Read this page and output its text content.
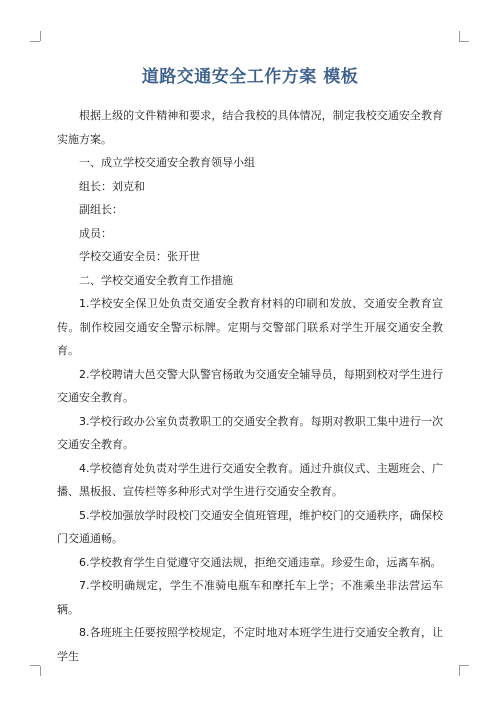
道路交通安全工作方案 模板

根据上级的文件精神和要求，结合我校的具体情况，制定我校交通安全教育实施方案。

一、成立学校交通安全教育领导小组

组长：刘克和

副组长：

成员：

学校交通安全员：张开世

二、学校交通安全教育工作措施

1.学校安全保卫处负责交通安全教育材料的印刷和发放、交通安全教育宣传。制作校园交通安全警示标牌。定期与交警部门联系对学生开展交通安全教育。

2.学校聘请大邑交警大队警官杨敢为交通安全辅导员，每期到校对学生进行交通安全教育。

3.学校行政办公室负责教职工的交通安全教育。每期对教职工集中进行一次交通安全教育。

4.学校德育处负责对学生进行交通安全教育。通过升旗仪式、主题班会、广播、黑板报、宣传栏等多种形式对学生进行交通安全教育。

5.学校加强放学时段校门交通安全值班管理，维护校门的交通秩序，确保校门交通通畅。

6.学校教育学生自觉遵守交通法规，拒绝交通违章。珍爱生命，远离车祸。

7.学校明确规定，学生不准骑电瓶车和摩托车上学；不准乘坐非法营运车辆。

8.各班班主任要按照学校规定，不定时地对本班学生进行交通安全教育，让学生
